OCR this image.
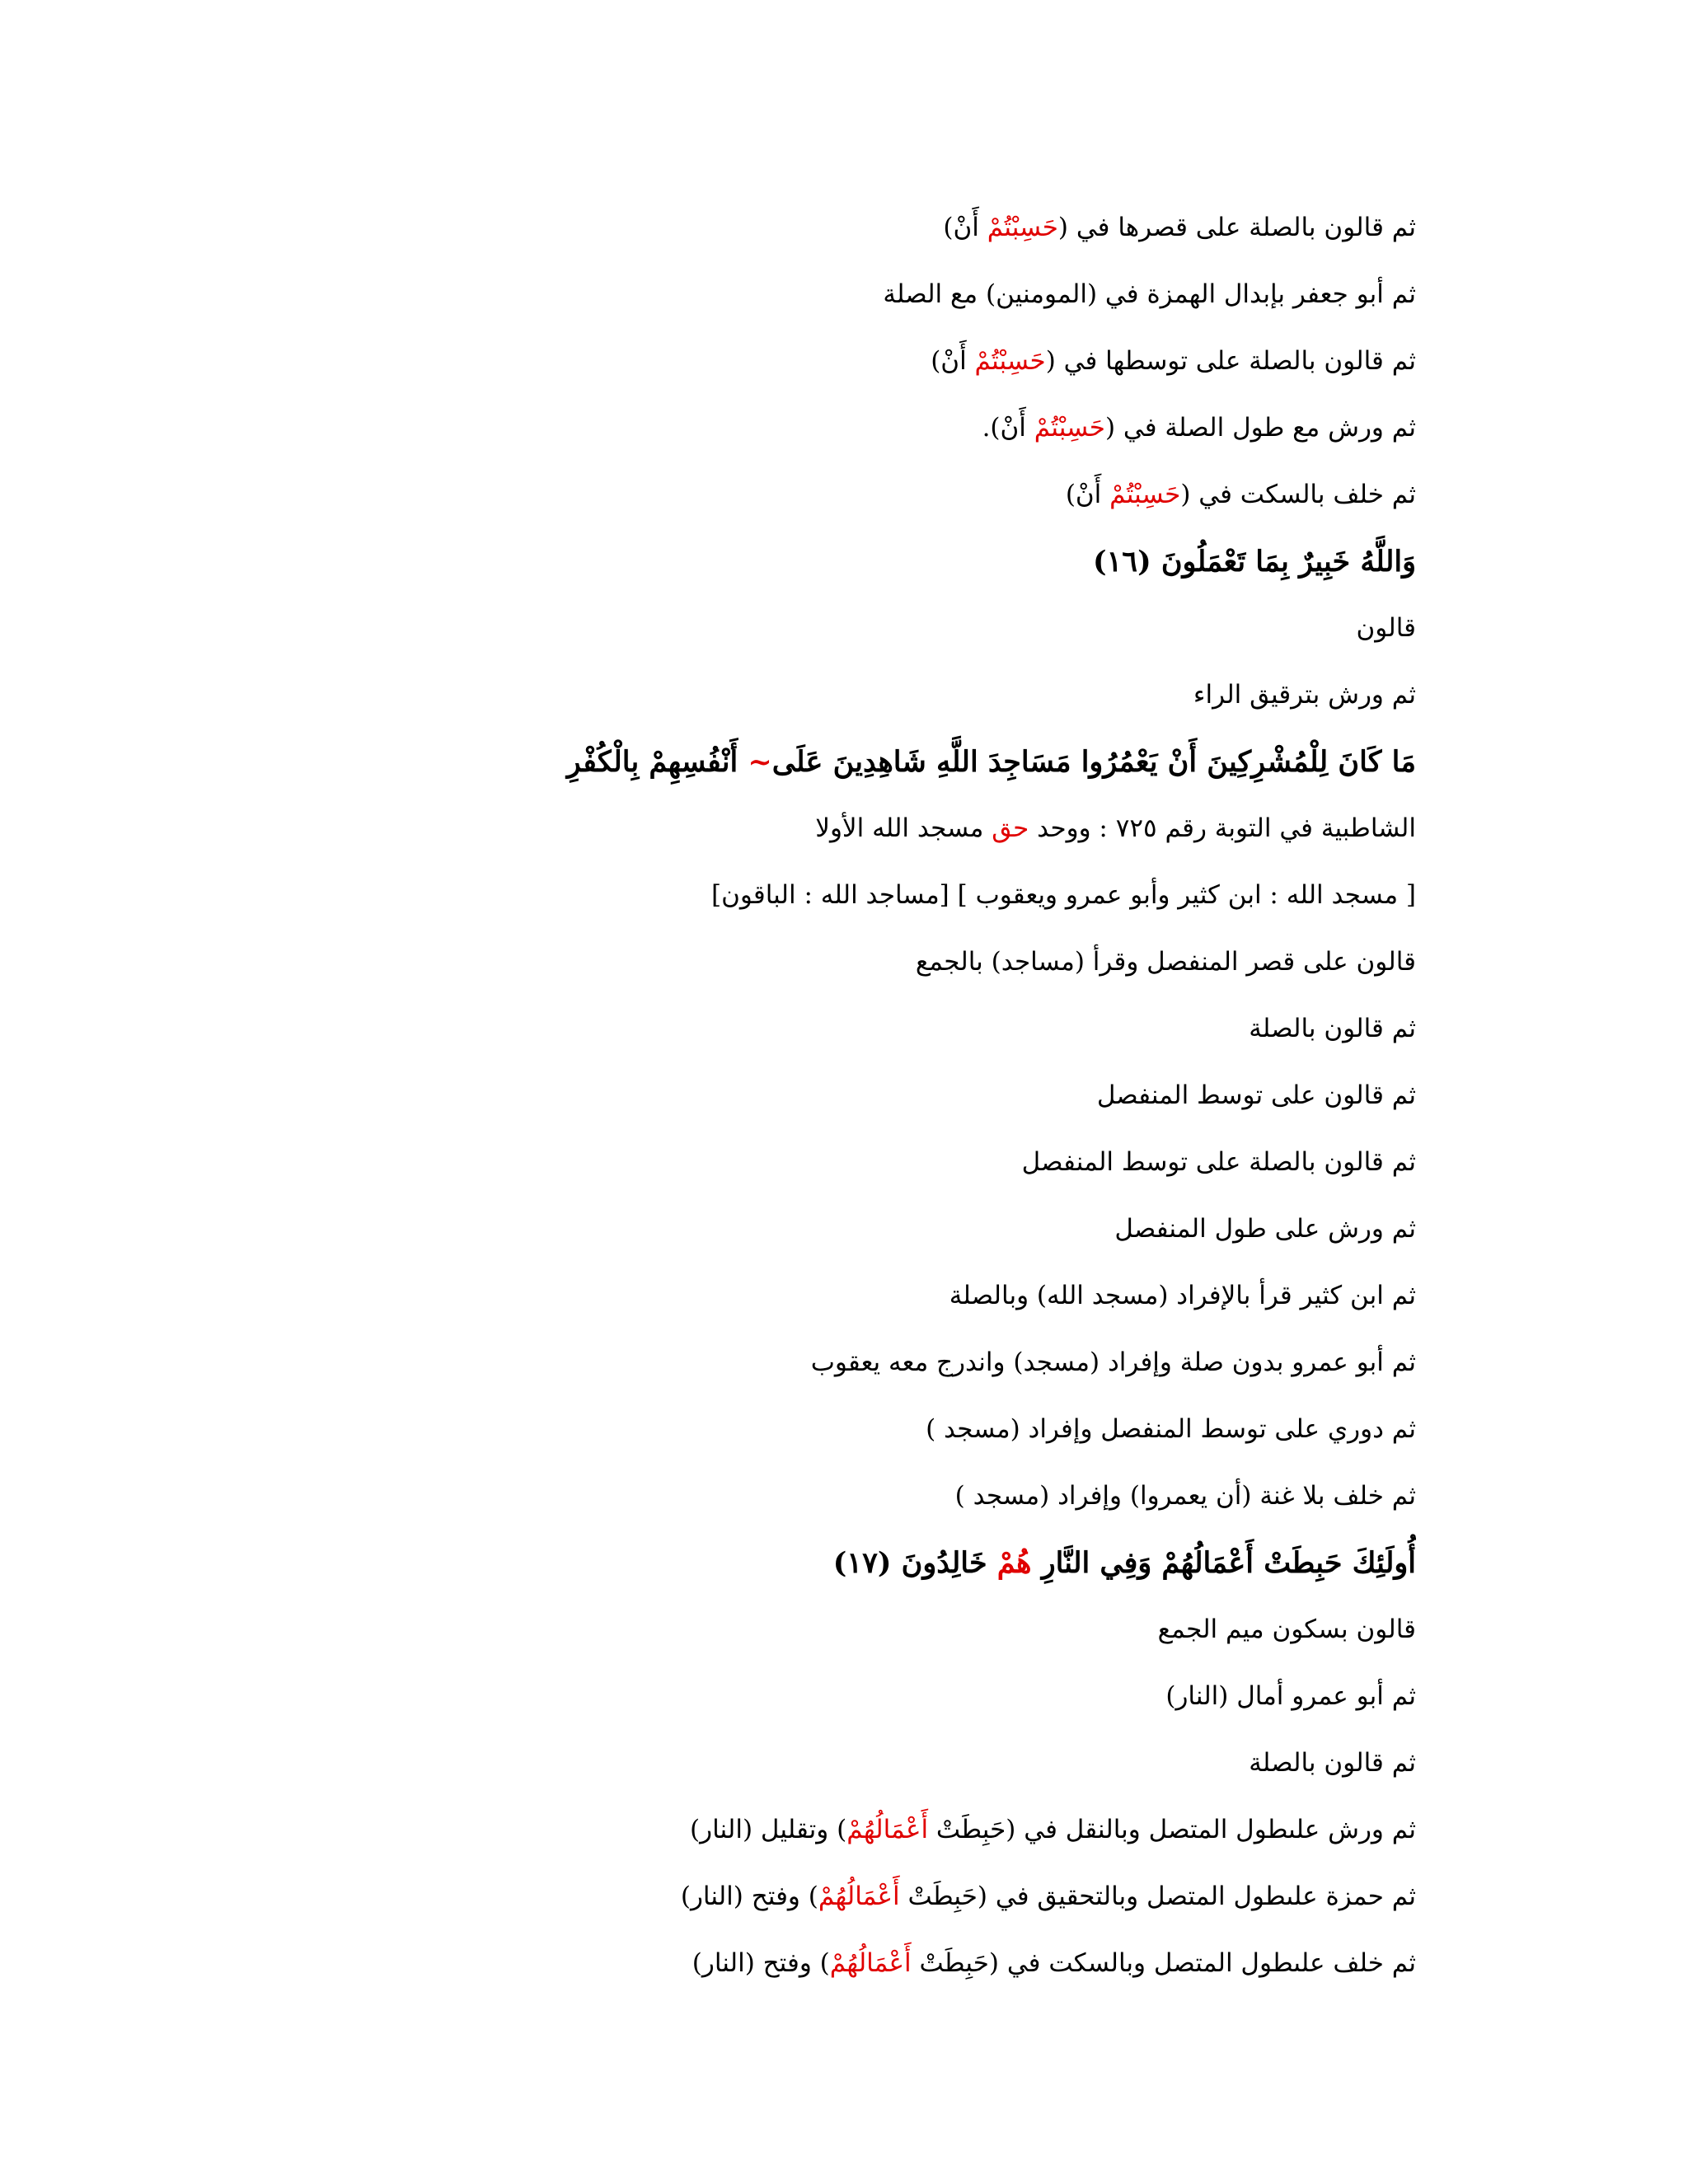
ثم قالون بالصلة على قصرها في (حَسِبْتُمْ أَنْ)
ثم أبو جعفر بإبدال الهمزة في (المومنين) مع الصلة
ثم قالون بالصلة على توسطها في (حَسِبْتُمْ أَنْ)
ثم ورش مع طول الصلة في (حَسِبْتُمْ أَنْ).
ثم خلف بالسكت في (حَسِبْتُمْ أَنْ)
وَاللَّهُ خَبِيرٌ بِمَا تَعْمَلُونَ (١٦)
قالون
ثم ورش بترقيق الراء
مَا كَانَ لِلْمُشْرِكِينَ أَنْ يَعْمُرُوا مَسَاجِدَ اللَّهِ شَاهِدِينَ عَلَى~ أَنْفُسِهِمْ بِالْكُفْرِ
الشاطبية في التوبة رقم ٧٢٥ : ووحد حق مسجد الله الأولا
[ مسجد الله : ابن كثير وأبو عمرو ويعقوب ] [مساجد الله : الباقون]
قالون على قصر المنفصل وقرأ (مساجد) بالجمع
ثم قالون بالصلة
ثم قالون على توسط المنفصل
ثم قالون بالصلة على توسط المنفصل
ثم ورش على طول المنفصل
ثم ابن كثير قرأ بالإفراد (مسجد الله) وبالصلة
ثم أبو عمرو بدون صلة وإفراد (مسجد) واندرج معه يعقوب
ثم دوري على توسط المنفصل وإفراد (مسجد )
ثم خلف بلا غنة (أن يعمروا) وإفراد (مسجد )
أُولَئِكَ حَبِطَتْ أَعْمَالُهُمْ وَفِي النَّارِ هُمْ خَالِدُونَ (١٧)
قالون بسكون ميم الجمع
ثم أبو عمرو أمال (النار)
ثم قالون بالصلة
ثم ورش علىطول المتصل وبالنقل في (حَبِطَتْ أَعْمَالُهُمْ) وتقليل (النار)
ثم حمزة علىطول المتصل وبالتحقيق في (حَبِطَتْ أَعْمَالُهُمْ) وفتح (النار)
ثم خلف علىطول المتصل وبالسكت في (حَبِطَتْ أَعْمَالُهُمْ) وفتح (النار)
